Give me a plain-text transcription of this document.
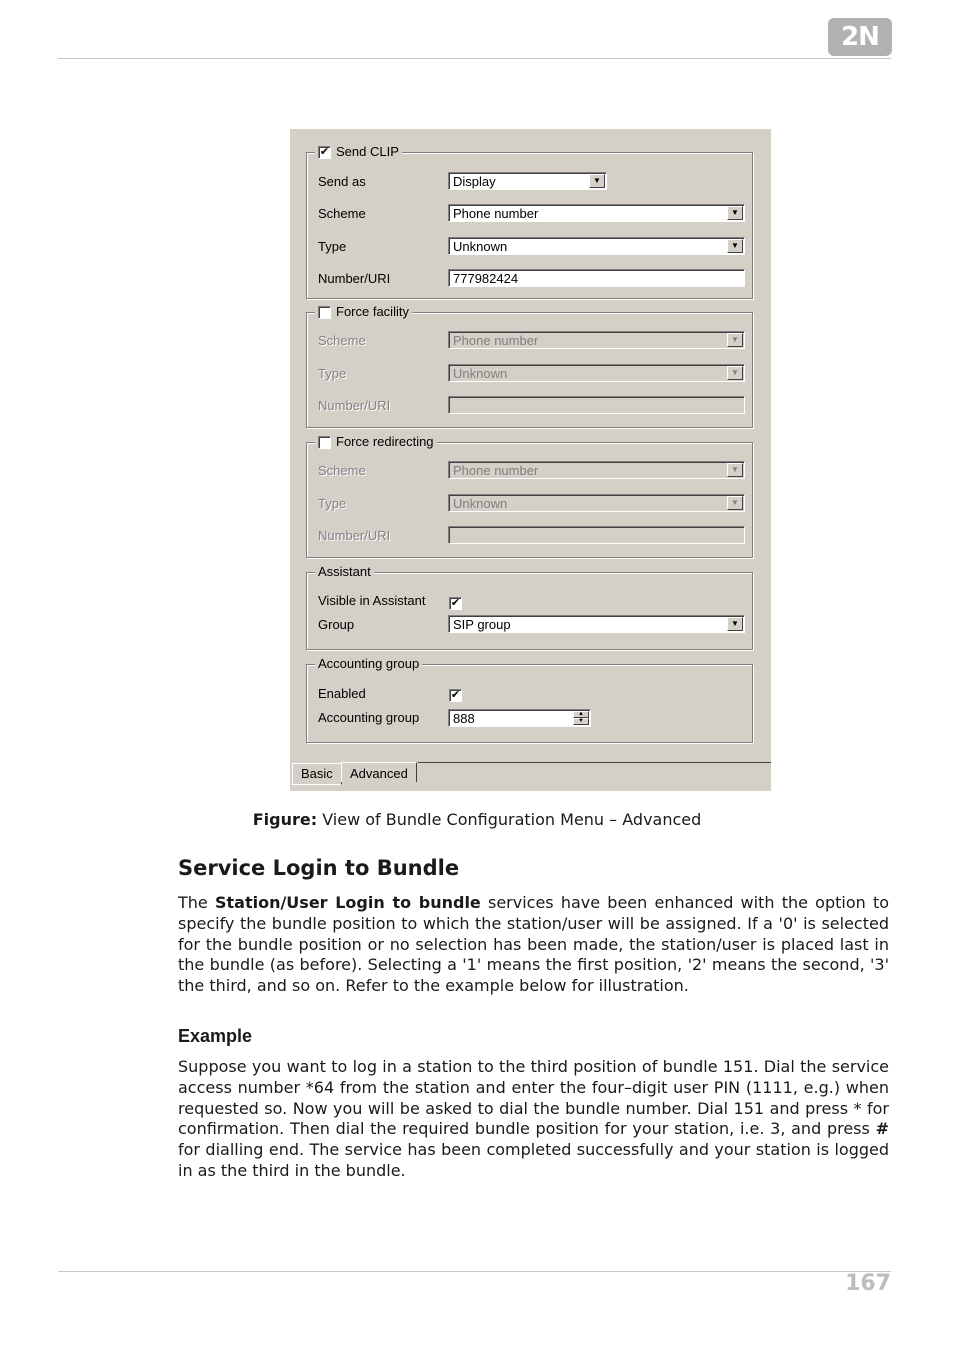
2N
✔ Send CLIP
Send as	Display	▼
Scheme	Phone number	▼
Type	Unknown	▼
Number/URI	777982424
Force facility
Scheme	Phone number	▼
Type	Unknown	▼
Number/URI
Force redirecting
Scheme	Phone number	▼
Type	Unknown	▼
Number/URI
Assistant
Visible in Assistant ✔
Group	SIP group	▼
Accounting group
Enabled	✔
Accounting group	888	▲
▼
Basic	Advanced
Figure: View of Bundle Configuration Menu – Advanced
Service Login to Bundle
The Station/User Login to bundle services have been enhanced with the option to specify the bundle position to which the station/user will be assigned. If a '0' is selected for the bundle position or no selection has been made, the station/user is placed last in the bundle (as before). Selecting a '1' means the first position, '2' means the second, '3' the third, and so on. Refer to the example below for illustration.
Example
Suppose you want to log in a station to the third position of bundle 151. Dial the service access number *64 from the station and enter the four–digit user PIN (1111, e.g.) when requested so. Now you will be asked to dial the bundle number. Dial 151 and press * for confirmation. Then dial the required bundle position for your station, i.e. 3, and press # for dialling end. The service has been completed successfully and your station is logged in as the third in the bundle.
167
